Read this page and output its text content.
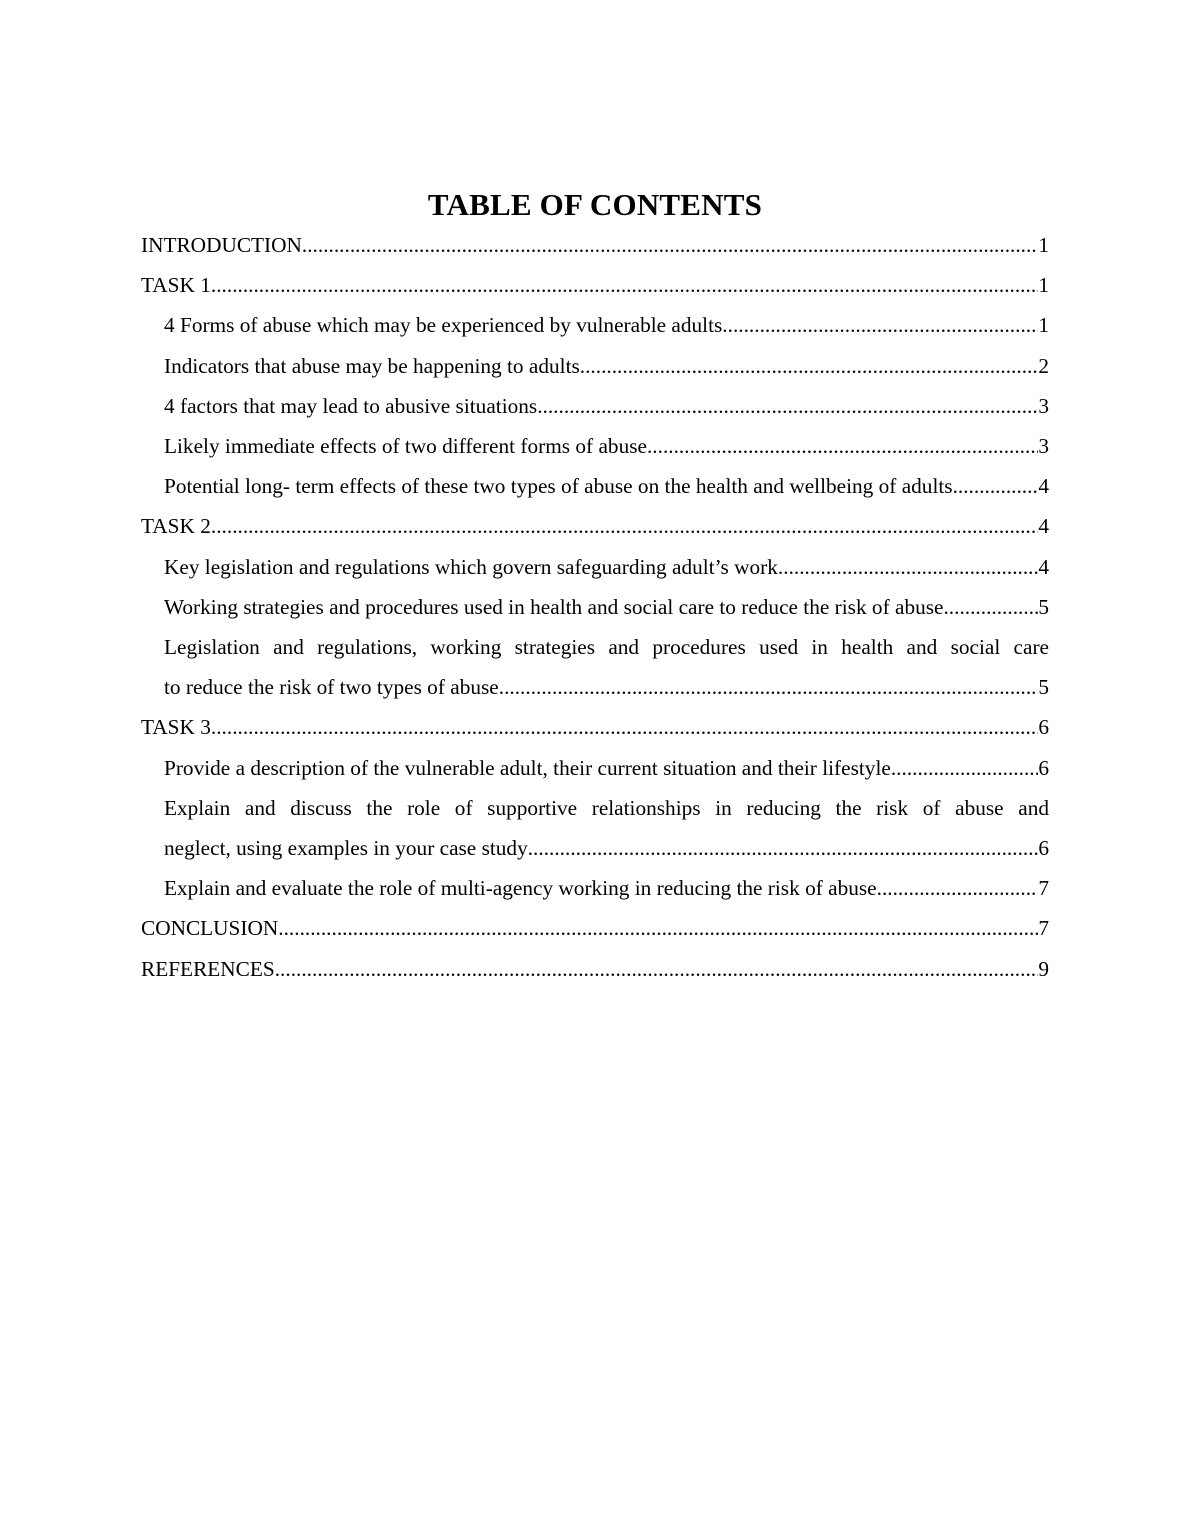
TABLE OF CONTENTS
INTRODUCTION .....	1
TASK 1 .....	1
4 Forms of abuse which may be experienced by vulnerable adults .....	1
Indicators that abuse may be happening to adults .....	2
4 factors that may lead to abusive situations .....	3
Likely immediate effects of two different forms of abuse .....	3
Potential long- term effects of these two types of abuse on the health and wellbeing of adults. .....	4
TASK 2 .....	4
Key legislation and regulations which govern safeguarding adult’s work .....	4
Working strategies and procedures used in health and social care to reduce the risk of abuse .....	5
Legislation and regulations, working strategies and procedures used in health and social care
to reduce the risk of two types of abuse .....	5
TASK 3 .....	6
Provide a description of the vulnerable adult, their current situation and their lifestyle .....	6
Explain and discuss the role of supportive relationships in reducing the risk of abuse and
neglect, using examples in your case study .....	6
Explain and evaluate the role of multi-agency working in reducing the risk of abuse .....	7
CONCLUSION .....	7
REFERENCES .....	9
